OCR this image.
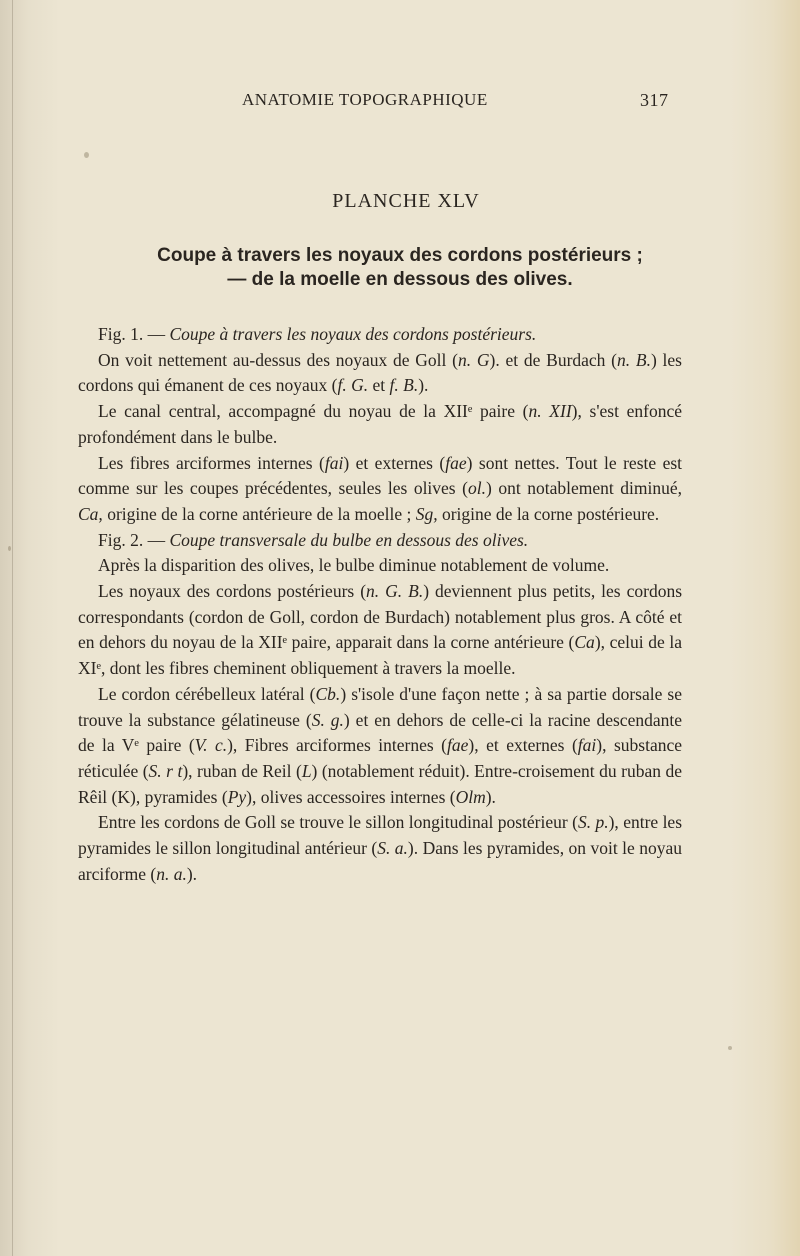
ANATOMIE TOPOGRAPHIQUE	317
PLANCHE XLV
Coupe à travers les noyaux des cordons postérieurs ;
— de la moelle en dessous des olives.

Fig. 1. — Coupe à travers les noyaux des cordons postérieurs.

On voit nettement au-dessus des noyaux de Goll (n. G). et de Burdach (n. B.) les cordons qui émanent de ces noyaux (f. G. et f. B.).

Le canal central, accompagné du noyau de la XIIᵉ paire (n. XII), s'est enfoncé profondément dans le bulbe.

Les fibres arciformes internes (fai) et externes (fae) sont nettes. Tout le reste est comme sur les coupes précédentes, seules les olives (ol.) ont notablement diminué, Ca, origine de la corne antérieure de la moelle ; Sg, origine de la corne postérieure.

Fig. 2. — Coupe transversale du bulbe en dessous des olives.

Après la disparition des olives, le bulbe diminue notablement de volume.

Les noyaux des cordons postérieurs (n. G. B.) deviennent plus petits, les cordons correspondants (cordon de Goll, cordon de Burdach) notablement plus gros. A côté et en dehors du noyau de la XIIᵉ paire, apparait dans la corne antérieure (Ca), celui de la XIᵉ, dont les fibres cheminent obliquement à travers la moelle.

Le cordon cérébelleux latéral (Cb.) s'isole d'une façon nette ; à sa partie dorsale se trouve la substance gélatineuse (S. g.) et en dehors de celle-ci la racine descendante de la Vᵉ paire (V. c.), Fibres arciformes internes (fae), et externes (fai), substance réticulée (S. r t), ruban de Reil (L) (notablement réduit). Entre-croisement du ruban de Rêil (K), pyramides (Py), olives accessoires internes (Olm).

Entre les cordons de Goll se trouve le sillon longitudinal postérieur (S. p.), entre les pyramides le sillon longitudinal antérieur (S. a.). Dans les pyramides, on voit le noyau arciforme (n. a.).
